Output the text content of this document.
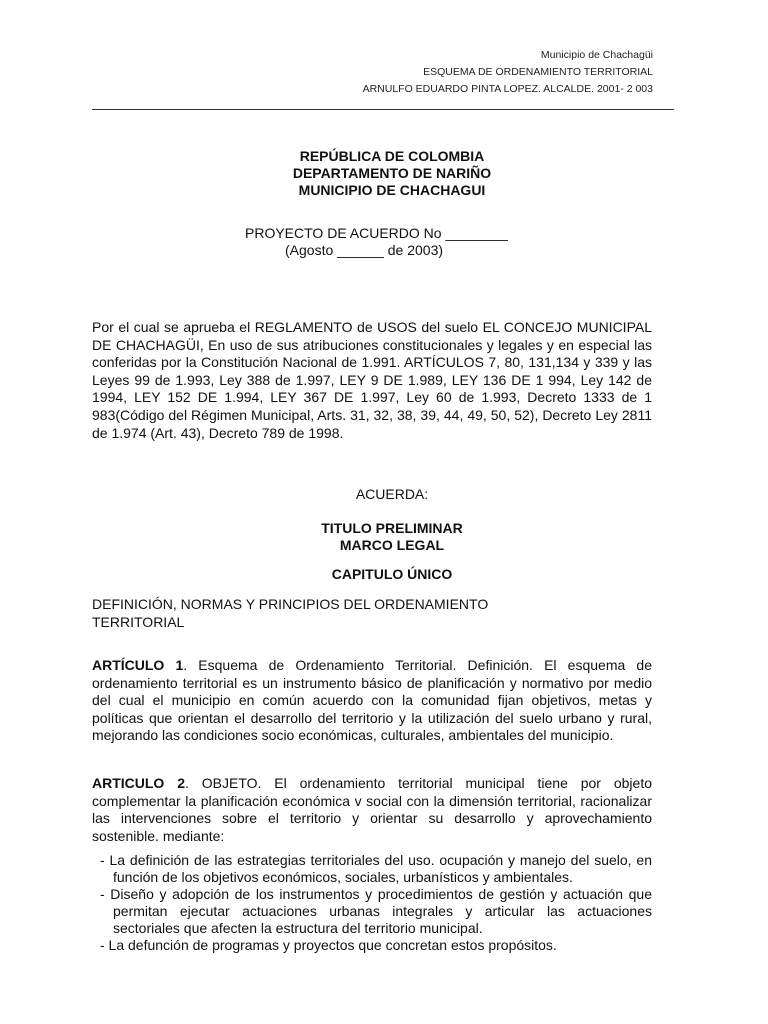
Municipio de Chachagüi
ESQUEMA DE ORDENAMIENTO TERRITORIAL
ARNULFO EDUARDO PINTA LOPEZ. ALCALDE. 2001- 2 003
REPÚBLICA DE COLOMBIA
DEPARTAMENTO DE NARIÑO
MUNICIPIO DE CHACHAGUI
PROYECTO DE ACUERDO No ________
(Agosto ______ de 2003)
Por el cual se aprueba el REGLAMENTO de USOS del suelo EL CONCEJO MUNICIPAL DE CHACHAGÜI, En uso de sus atribuciones constitucionales y legales y en especial las conferidas por la Constitución Nacional de 1.991. ARTÍCULOS 7, 80, 131,134 y 339 y las Leyes 99 de 1.993, Ley 388 de 1.997, LEY 9 DE 1.989, LEY 136 DE 1 994, Ley 142 de 1994, LEY 152 DE 1.994, LEY 367 DE 1.997, Ley 60 de 1.993, Decreto 1333 de 1 983(Código del Régimen Municipal, Arts. 31, 32, 38, 39, 44, 49, 50, 52), Decreto Ley 2811 de 1.974 (Art. 43), Decreto 789 de 1998.
ACUERDA:
TITULO PRELIMINAR
MARCO LEGAL
CAPITULO ÚNICO
DEFINICIÓN, NORMAS Y PRINCIPIOS DEL ORDENAMIENTO
TERRITORIAL
ARTÍCULO 1. Esquema de Ordenamiento Territorial. Definición. El esquema de ordenamiento territorial es un instrumento básico de planificación y normativo por medio del cual el municipio en común acuerdo con la comunidad fijan objetivos, metas y políticas que orientan el desarrollo del territorio y la utilización del suelo urbano y rural, mejorando las condiciones socio económicas, culturales, ambientales del municipio.
ARTICULO 2. OBJETO. El ordenamiento territorial municipal tiene por objeto complementar la planificación económica v social con la dimensión territorial, racionalizar las intervenciones sobre el territorio y orientar su desarrollo y aprovechamiento sostenible. mediante:
- La definición de las estrategias territoriales del uso. ocupación y manejo del suelo, en función de los objetivos económicos, sociales, urbanísticos y ambientales.
- Diseño y adopción de los instrumentos y procedimientos de gestión y actuación que permitan ejecutar actuaciones urbanas integrales y articular las actuaciones sectoriales que afecten la estructura del territorio municipal.
- La defunción de programas y proyectos que concretan estos propósitos.
